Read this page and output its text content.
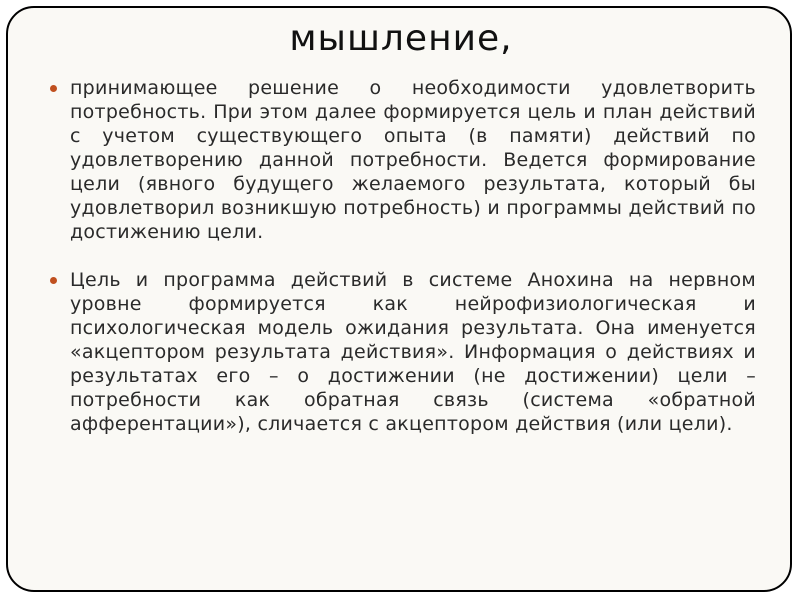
мышление,
принимающее решение о необходимости удовлетворить потребность. При этом далее формируется цель и план действий с учетом существующего опыта (в памяти) действий по удовлетворению данной потребности. Ведется формирование цели (явного будущего желаемого результата, который бы удовлетворил возникшую потребность) и программы действий по достижению цели.
Цель и программа действий в системе Анохина на нервном уровне формируется как нейрофизиологическая и психологическая модель ожидания результата. Она именуется «акцептором результата действия». Информация о действиях и результатах его – о достижении (не достижении) цели – потребности как обратная связь (система «обратной афферентации»), сличается с акцептором действия (или цели).
